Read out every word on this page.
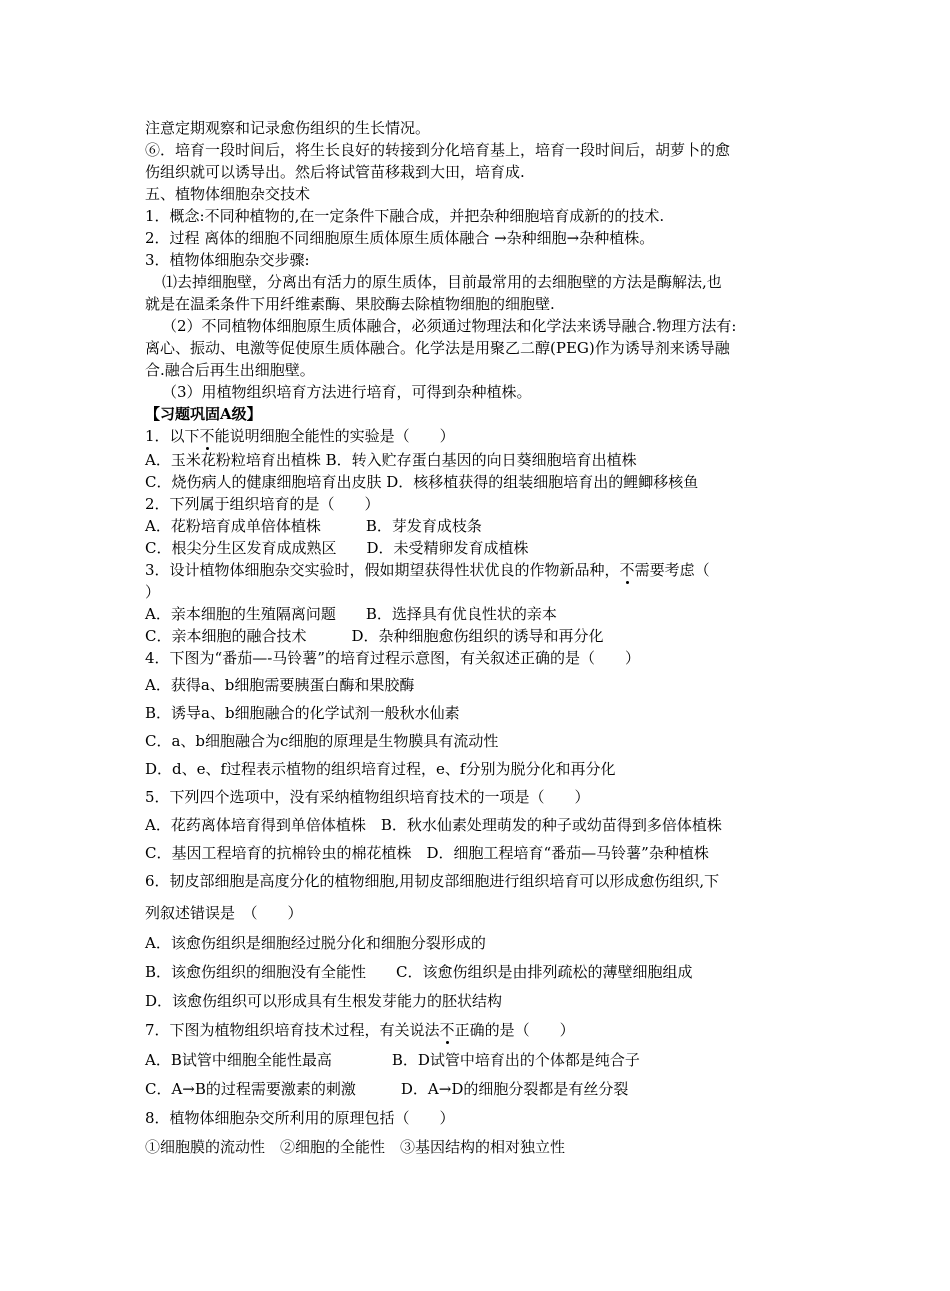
注意定期观察和记录愈伤组织的生长情况。
⑥．培育一段时间后，将生长良好的转接到分化培育基上，培育一段时间后，胡萝卜的愈
伤组织就可以诱导出。然后将试管苗移栽到大田，培育成.
五、植物体细胞杂交技术
1．概念:不同种植物的,在一定条件下融合成，并把杂种细胞培育成新的的技术.
2．过程 离体的细胞不同细胞原生质体原生质体融合 →杂种细胞→杂种植株。
3．植物体细胞杂交步骤:
⑴去掉细胞壁，分离出有活力的原生质体，目前最常用的去细胞壁的方法是酶解法,也
就是在温柔条件下用纤维素酶、果胶酶去除植物细胞的细胞壁.
（2）不同植物体细胞原生质体融合，必须通过物理法和化学法来诱导融合.物理方法有:
离心、振动、电激等促使原生质体融合。化学法是用聚乙二醇(PEG)作为诱导剂来诱导融
合.融合后再生出细胞壁。
（3）用植物组织培育方法进行培育，可得到杂种植株。
【习题巩固A级】
1．以下不能说明细胞全能性的实验是（　　）
A．玉米花粉粒培育出植株 B．转入贮存蛋白基因的向日葵细胞培育出植株
C．烧伤病人的健康细胞培育出皮肤 D．核移植获得的组装细胞培育出的鲤鲫移核鱼
2．下列属于组织培育的是（　　）
A．花粉培育成单倍体植株　　　B．芽发育成枝条
C．根尖分生区发育成成熟区　　D．未受精卵发育成植株
3．设计植物体细胞杂交实验时，假如期望获得性状优良的作物新品种，不需要考虑（
）
A．亲本细胞的生殖隔离问题　　B．选择具有优良性状的亲本
C．亲本细胞的融合技术　　　D．杂种细胞愈伤组织的诱导和再分化
4．下图为“番茄—-马铃薯”的培育过程示意图，有关叙述正确的是（　　）
A．获得a、b细胞需要胰蛋白酶和果胶酶
B．诱导a、b细胞融合的化学试剂一般秋水仙素
C．a、b细胞融合为c细胞的原理是生物膜具有流动性
D．d、e、f过程表示植物的组织培育过程，e、f分别为脱分化和再分化
5．下列四个选项中，没有采纳植物组织培育技术的一项是（　　）
A．花药离体培育得到单倍体植株　B．秋水仙素处理萌发的种子或幼苗得到多倍体植株
C．基因工程培育的抗棉铃虫的棉花植株　D．细胞工程培育“番茄—马铃薯”杂种植株
6．韧皮部细胞是高度分化的植物细胞,用韧皮部细胞进行组织培育可以形成愈伤组织,下
列叙述错误是　（　　）
A．该愈伤组织是细胞经过脱分化和细胞分裂形成的
B．该愈伤组织的细胞没有全能性　　C．该愈伤组织是由排列疏松的薄壁细胞组成
D．该愈伤组织可以形成具有生根发芽能力的胚状结构
7．下图为植物组织培育技术过程，有关说法不正确的是（　　）
A．B试管中细胞全能性最高　　　　B．D试管中培育出的个体都是纯合子
C．A→B的过程需要激素的刺激　　　D．A→D的细胞分裂都是有丝分裂
8．植物体细胞杂交所利用的原理包括（　　）
①细胞膜的流动性　②细胞的全能性　③基因结构的相对独立性
